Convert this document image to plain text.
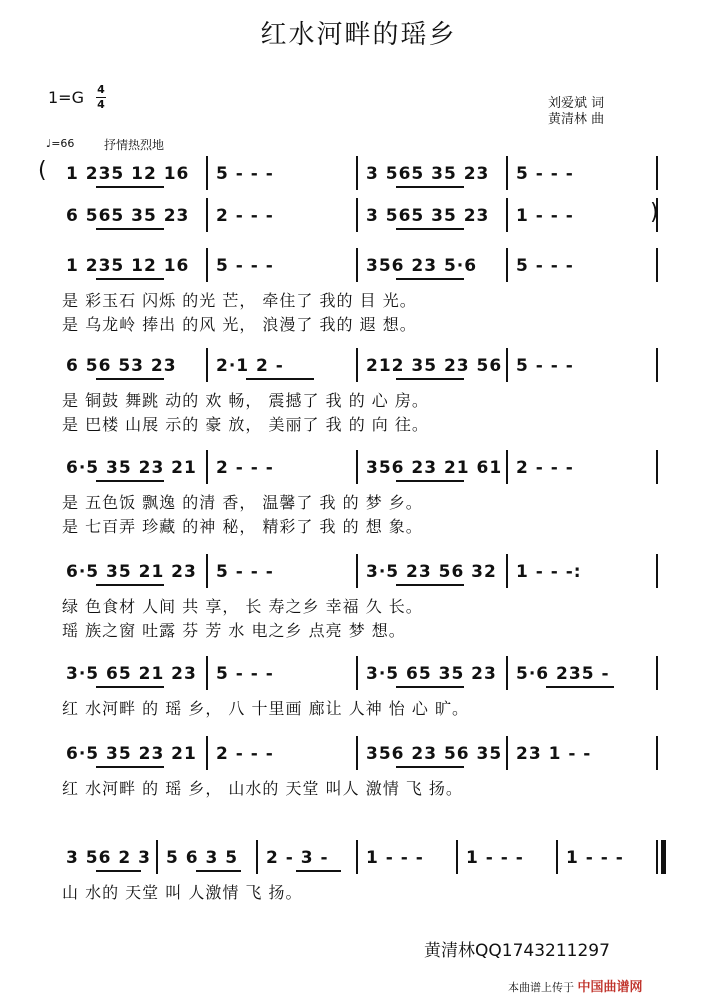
红水河畔的瑶乡
1=G 4
4	刘爱斌 词
黄清林 曲
♩=66 抒情热烈地
1 235 12 16 5 - - -	3 565 35 23 5 - - -
(
6 565 35 23 2 - - -	3 565 35 23 1 - - -	)
1 235 12 16 5 - - -	356 23 5·6 5 - - -
是 彩玉石 闪烁 的光 芒， 牵住了 我的 目 光。
是 乌龙岭 捧出 的风 光， 浪漫了 我的 遐 想。
6 56 53 23 2·1 2 -	212 35 23 56 5 - - -
是 铜鼓 舞跳 动的 欢 畅， 震撼了 我 的 心 房。
是 巴楼 山展 示的 豪 放， 美丽了 我 的 向 往。
6·5 35 23 21 2 - - -	356 23 21 61 2 - - -
是 五色饭 飘逸 的清 香， 温馨了 我 的 梦 乡。
是 七百弄 珍藏 的神 秘， 精彩了 我 的 想 象。
6·5 35 21 23 5 - - -	3·5 23 56 32 1 - - -:
绿 色食材 人间 共 享， 长 寿之乡 幸福 久 长。
瑶 族之窗 吐露 芬 芳 水 电之乡 点亮 梦 想。
3·5 65 21 23 5 - - -	3·5 65 35 23 5·6 235 -
红 水河畔 的 瑶 乡， 八 十里画 廊让 人神 怡 心 旷。
6·5 35 23 21 2 - - -	356 23 56 35 23 1 - -
红 水河畔 的 瑶 乡， 山水的 天堂 叫人 激情 飞 扬。
3 56 2 3 5 6 3 5 2 - 3 - 1 - - - 1 - - - 1 - - -
山 水的 天堂 叫 人激情 飞 扬。
黄清林QQ1743211297
本曲谱上传于 中国曲谱网
